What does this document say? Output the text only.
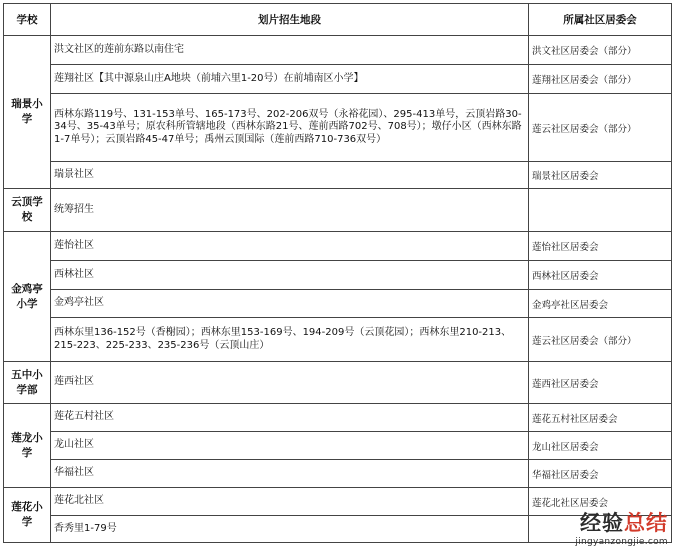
学校	划片招生地段	所属社区居委会
瑞景小学	洪文社区的莲前东路以南住宅	洪文社区居委会（部分）
	莲翔社区【其中源泉山庄A地块（前埔六里1-20号）在前埔南区小学】	莲翔社区居委会（部分）
	西林东路119号、131-153单号、165-173号、202-206双号（永裕花园）、295-413单号，云顶岩路30-34号、35-43单号；原农科所管辖地段（西林东路21号、莲前西路702号、708号）；墩仔小区（西林东路1-7单号）；云顶岩路45-47单号；禹州云顶国际（莲前西路710-736双号）	莲云社区居委会（部分）
	瑞景社区	瑞景社区居委会
云顶学校	统筹招生	
金鸡亭小学	莲怡社区	莲怡社区居委会
	西林社区	西林社区居委会
	金鸡亭社区	金鸡亭社区居委会
	西林东里136-152号（香榭园）；西林东里153-169号、194-209号（云顶花园）；西林东里210-213、215-223、225-233、235-236号（云顶山庄）	莲云社区居委会（部分）
五中小学部	莲西社区	莲西社区居委会
莲龙小学	莲花五村社区	莲花五村社区居委会
	龙山社区	龙山社区居委会
	华福社区	华福社区居委会
莲花小学	莲花北社区	莲花北社区居委会
	香秀里1-79号		经验总结
jingyanzongjie.com
